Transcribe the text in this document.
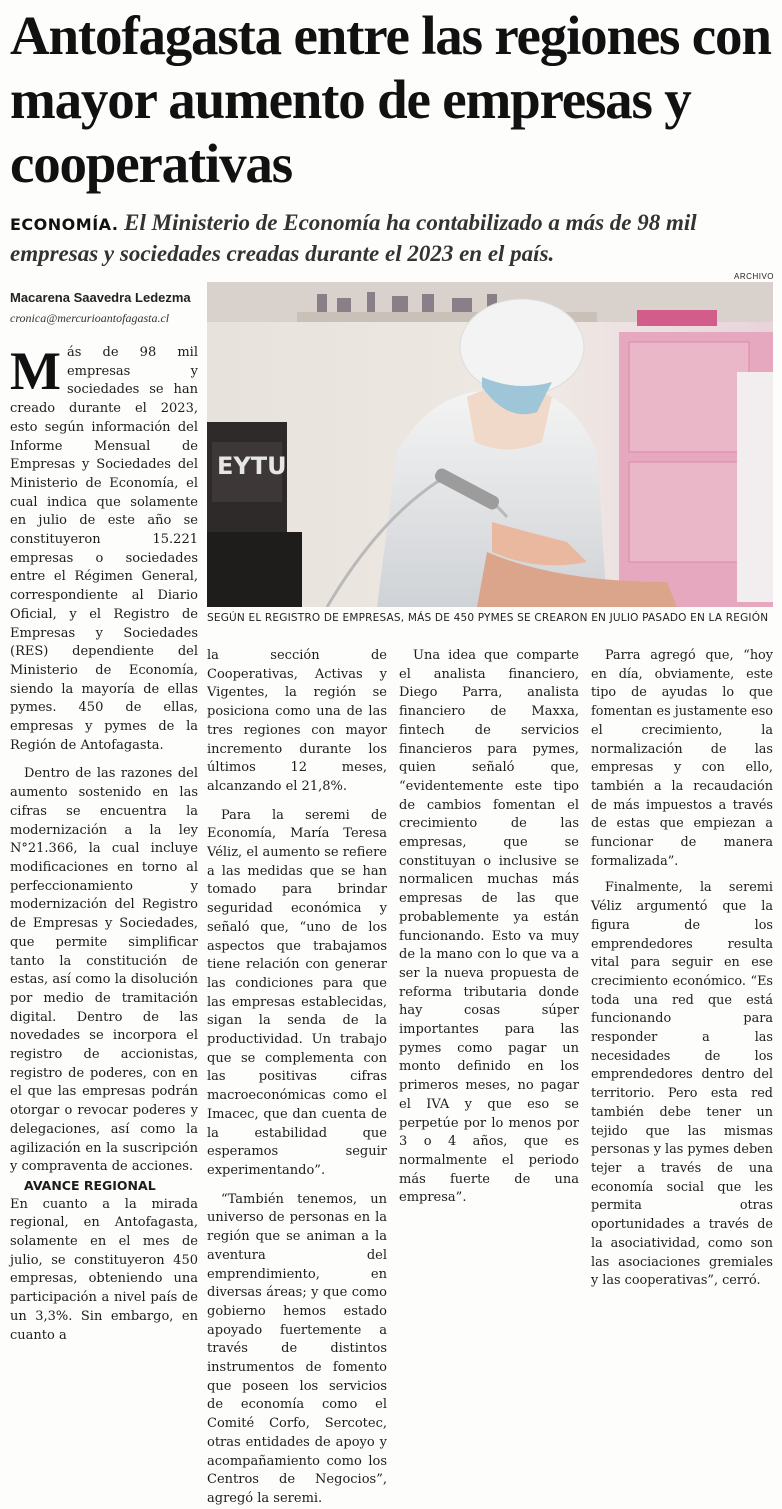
Antofagasta entre las regiones con mayor aumento de empresas y cooperativas

ECONOMÍA. El Ministerio de Economía ha contabilizado a más de 98 mil empresas y sociedades creadas durante el 2023 en el país.

Macarena Saavedra Ledezma
cronica@mercurioantofagasta.cl
ARCHIVO
EYTU
SEGÚN EL REGISTRO DE EMPRESAS, MÁS DE 450 PYMES SE CREARON EN JULIO PASADO EN LA REGIÓN

Más de 98 mil empresas y sociedades se han creado durante el 2023, esto según información del Informe Mensual de Empresas y Sociedades del Ministerio de Economía, el cual indica que solamente en julio de este año se constituyeron 15.221 empresas o sociedades entre el Régimen General, correspondiente al Diario Oficial, y el Registro de Empresas y Sociedades (RES) dependiente del Ministerio de Economía, siendo la mayoría de ellas pymes. 450 de ellas, empresas y pymes de la Región de Antofagasta.

Dentro de las razones del aumento sostenido en las cifras se encuentra la modernización a la ley N°21.366, la cual incluye modificaciones en torno al perfeccionamiento y modernización del Registro de Empresas y Sociedades, que permite simplificar tanto la constitución de estas, así como la disolución por medio de tramitación digital. Dentro de las novedades se incorpora el registro de accionistas, registro de poderes, con en el que las empresas podrán otorgar o revocar poderes y delegaciones, así como la agilización en la suscripción y compraventa de acciones.

AVANCE REGIONAL

En cuanto a la mirada regional, en Antofagasta, solamente en el mes de julio, se constituyeron 450 empresas, obteniendo una participación a nivel país de un 3,3%. Sin embargo, en cuanto a

la sección de Cooperativas, Activas y Vigentes, la región se posiciona como una de las tres regiones con mayor incremento durante los últimos 12 meses, alcanzando el 21,8%.

Para la seremi de Economía, María Teresa Véliz, el aumento se refiere a las medidas que se han tomado para brindar seguridad económica y señaló que, “uno de los aspectos que trabajamos tiene relación con generar las condiciones para que las empresas establecidas, sigan la senda de la productividad. Un trabajo que se complementa con las positivas cifras macroeconómicas como el Imacec, que dan cuenta de la estabilidad que esperamos seguir experimentando”.

“También tenemos, un universo de personas en la región que se animan a la aventura del emprendimiento, en diversas áreas; y que como gobierno hemos estado apoyado fuertemente a través de distintos instrumentos de fomento que poseen los servicios de economía como el Comité Corfo, Sercotec, otras entidades de apoyo y acompañamiento como los Centros de Negocios”, agregó la seremi.

Una idea que comparte el analista financiero, Diego Parra, analista financiero de Maxxa, fintech de servicios financieros para pymes, quien señaló que, “evidentemente este tipo de cambios fomentan el crecimiento de las empresas, que se constituyan o inclusive se normalicen muchas más empresas de las que probablemente ya están funcionando. Esto va muy de la mano con lo que va a ser la nueva propuesta de reforma tributaria donde hay cosas súper importantes para las pymes como pagar un monto definido en los primeros meses, no pagar el IVA y que eso se perpetúe por lo menos por 3 o 4 años, que es normalmente el periodo más fuerte de una empresa”.

Parra agregó que, “hoy en día, obviamente, este tipo de ayudas lo que fomentan es justamente eso el crecimiento, la normalización de las empresas y con ello, también a la recaudación de más impuestos a través de estas que empiezan a funcionar de manera formalizada”.

Finalmente, la seremi Véliz argumentó que la figura de los emprendedores resulta vital para seguir en ese crecimiento económico. “Es toda una red que está funcionando para responder a las necesidades de los emprendedores dentro del territorio. Pero esta red también debe tener un tejido que las mismas personas y las pymes deben tejer a través de una economía social que les permita otras oportunidades a través de la asociatividad, como son las asociaciones gremiales y las cooperativas”, cerró.
